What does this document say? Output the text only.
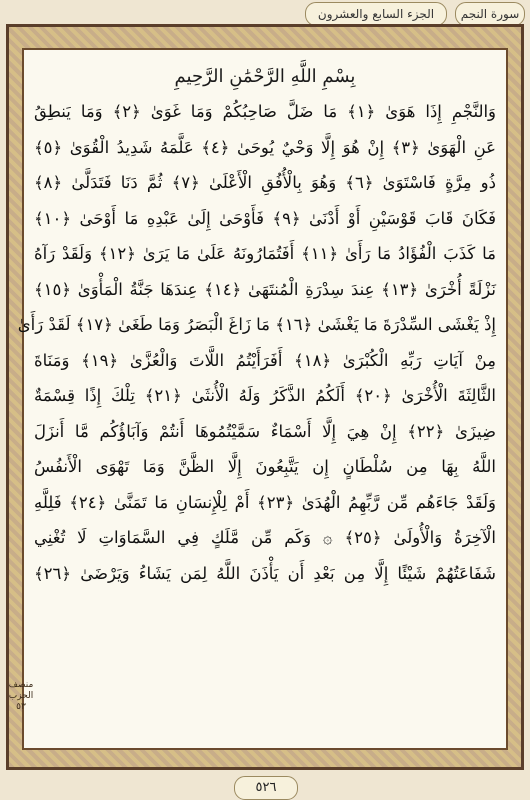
الجزء السابع والعشرون	سورة النجم
منصف
الحزب
٥٣
بِسْمِ اللَّهِ الرَّحْمَٰنِ الرَّحِيمِ
وَالنَّجْمِ إِذَا هَوَىٰ ﴿١﴾ مَا ضَلَّ صَاحِبُكُمْ وَمَا غَوَىٰ ﴿٢﴾ وَمَا يَنطِقُ
عَنِ الْهَوَىٰ ﴿٣﴾ إِنْ هُوَ إِلَّا وَحْيٌ يُوحَىٰ ﴿٤﴾ عَلَّمَهُ شَدِيدُ الْقُوَىٰ ﴿٥﴾
ذُو مِرَّةٍ فَاسْتَوَىٰ ﴿٦﴾ وَهُوَ بِالْأُفُقِ الْأَعْلَىٰ ﴿٧﴾ ثُمَّ دَنَا فَتَدَلَّىٰ ﴿٨﴾
فَكَانَ قَابَ قَوْسَيْنِ أَوْ أَدْنَىٰ ﴿٩﴾ فَأَوْحَىٰ إِلَىٰ عَبْدِهِ مَا أَوْحَىٰ ﴿١٠﴾
مَا كَذَبَ الْفُؤَادُ مَا رَأَىٰ ﴿١١﴾ أَفَتُمَارُونَهُ عَلَىٰ مَا يَرَىٰ ﴿١٢﴾ وَلَقَدْ رَآهُ
نَزْلَةً أُخْرَىٰ ﴿١٣﴾ عِندَ سِدْرَةِ الْمُنتَهَىٰ ﴿١٤﴾ عِندَهَا جَنَّةُ الْمَأْوَىٰ ﴿١٥﴾
إِذْ يَغْشَى السِّدْرَةَ مَا يَغْشَىٰ ﴿١٦﴾ مَا زَاغَ الْبَصَرُ وَمَا طَغَىٰ ﴿١٧﴾ لَقَدْ رَأَىٰ
مِنْ آيَاتِ رَبِّهِ الْكُبْرَىٰ ﴿١٨﴾ أَفَرَأَيْتُمُ اللَّاتَ وَالْعُزَّىٰ ﴿١٩﴾ وَمَنَاةَ
الثَّالِثَةَ الْأُخْرَىٰ ﴿٢٠﴾ أَلَكُمُ الذَّكَرُ وَلَهُ الْأُنثَىٰ ﴿٢١﴾ تِلْكَ إِذًا قِسْمَةٌ
ضِيزَىٰ ﴿٢٢﴾ إِنْ هِيَ إِلَّا أَسْمَاءٌ سَمَّيْتُمُوهَا أَنتُمْ وَآبَاؤُكُم مَّا أَنزَلَ
اللَّهُ بِهَا مِن سُلْطَانٍ إِن يَتَّبِعُونَ إِلَّا الظَّنَّ وَمَا تَهْوَى الْأَنفُسُ
وَلَقَدْ جَاءَهُم مِّن رَّبِّهِمُ الْهُدَىٰ ﴿٢٣﴾ أَمْ لِلْإِنسَانِ مَا تَمَنَّىٰ ﴿٢٤﴾ فَلِلَّهِ
الْآخِرَةُ وَالْأُولَىٰ ﴿٢٥﴾ ۞ وَكَم مِّن مَّلَكٍ فِي السَّمَاوَاتِ لَا تُغْنِي
شَفَاعَتُهُمْ شَيْئًا إِلَّا مِن بَعْدِ أَن يَأْذَنَ اللَّهُ لِمَن يَشَاءُ وَيَرْضَىٰ ﴿٢٦﴾
٥٢٦
